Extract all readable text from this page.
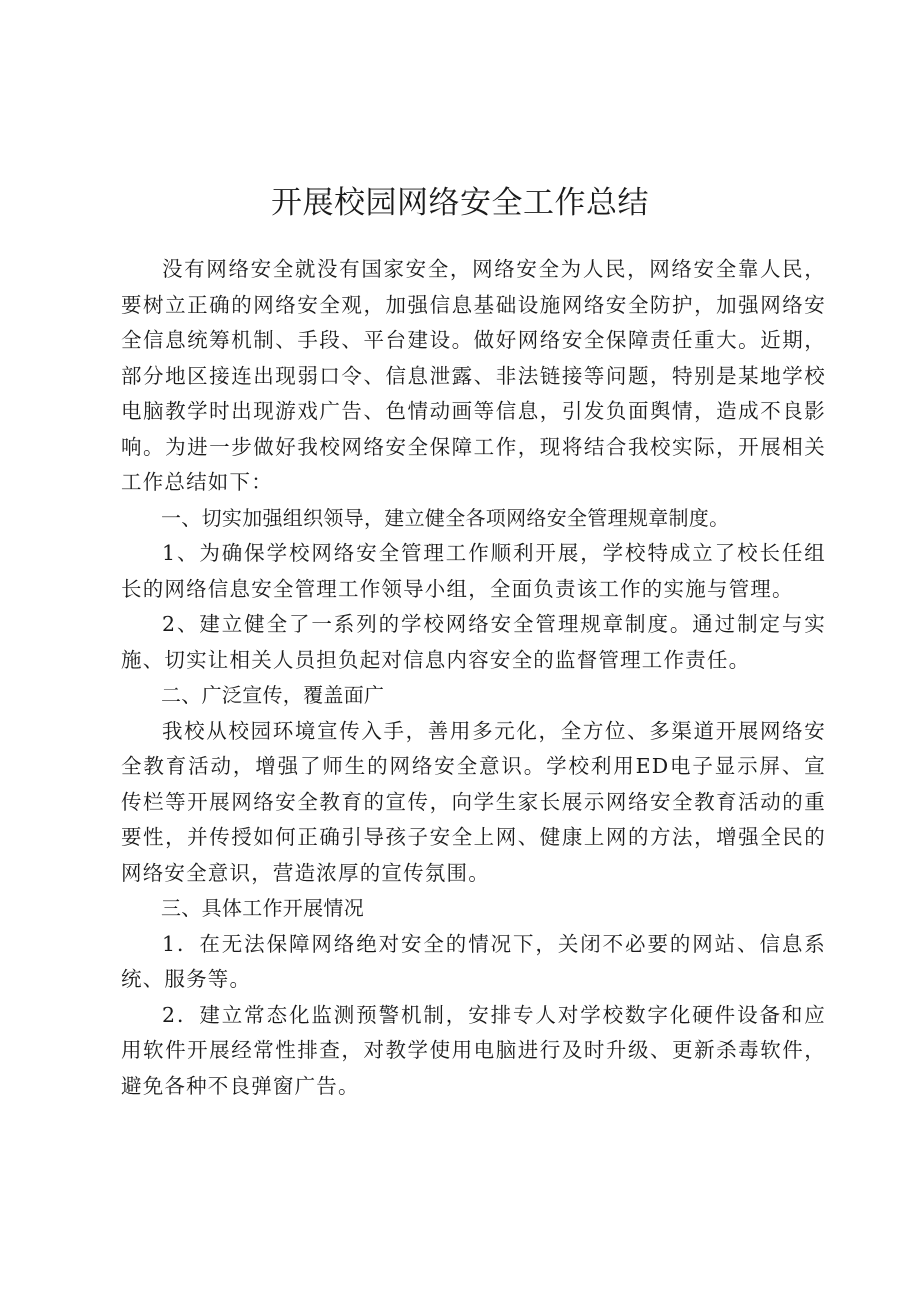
开展校园网络安全工作总结

没有网络安全就没有国家安全，网络安全为人民，网络安全靠人民，要树立正确的网络安全观，加强信息基础设施网络安全防护，加强网络安全信息统筹机制、手段、平台建设。做好网络安全保障责任重大。近期，部分地区接连出现弱口令、信息泄露、非法链接等问题，特别是某地学校电脑教学时出现游戏广告、色情动画等信息，引发负面舆情，造成不良影响。为进一步做好我校网络安全保障工作，现将结合我校实际，开展相关工作总结如下：

一、切实加强组织领导，建立健全各项网络安全管理规章制度。

1、为确保学校网络安全管理工作顺利开展，学校特成立了校长任组长的网络信息安全管理工作领导小组，全面负责该工作的实施与管理。

2、建立健全了一系列的学校网络安全管理规章制度。通过制定与实施、切实让相关人员担负起对信息内容安全的监督管理工作责任。

二、广泛宣传，覆盖面广

我校从校园环境宣传入手，善用多元化，全方位、多渠道开展网络安全教育活动，增强了师生的网络安全意识。学校利用ED电子显示屏、宣传栏等开展网络安全教育的宣传，向学生家长展示网络安全教育活动的重要性，并传授如何正确引导孩子安全上网、健康上网的方法，增强全民的网络安全意识，营造浓厚的宣传氛围。

三、具体工作开展情况

1．在无法保障网络绝对安全的情况下，关闭不必要的网站、信息系统、服务等。

2．建立常态化监测预警机制，安排专人对学校数字化硬件设备和应用软件开展经常性排查，对教学使用电脑进行及时升级、更新杀毒软件，避免各种不良弹窗广告。
